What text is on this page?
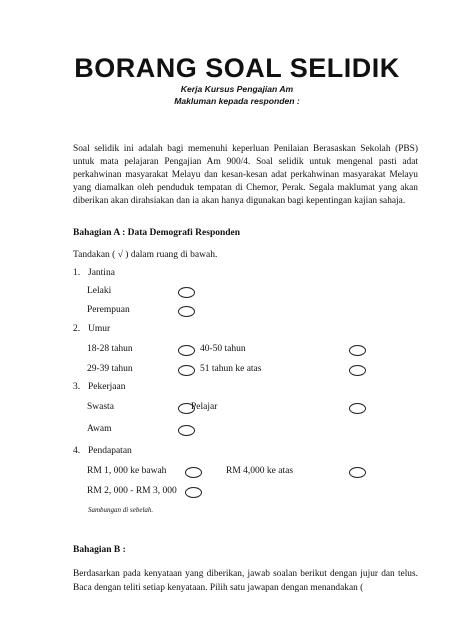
BORANG SOAL SELIDIK
Kerja Kursus Pengajian Am
Makluman kepada responden :
Soal selidik ini adalah bagi memenuhi keperluan Penilaian Berasaskan Sekolah (PBS) untuk mata pelajaran Pengajian Am 900/4. Soal selidik untuk mengenal pasti adat perkahwinan masyarakat Melayu dan kesan-kesan adat perkahwinan masyarakat Melayu yang diamalkan oleh penduduk tempatan di Chemor, Perak. Segala maklumat yang akan diberikan akan dirahsiakan dan ia akan hanya digunakan bagi kepentingan kajian sahaja.
Bahagian A : Data Demografi Responden
Tandakan ( √ ) dalam ruang di bawah.
1. Jantina
Lelaki
Perempuan
2. Umur
18-28 tahun	40-50 tahun
29-39 tahun	51 tahun ke atas
3. Pekerjaan
Swasta	Pelajar
Awam
4. Pendapatan
RM 1, 000 ke bawah	RM 4,000 ke atas
RM 2, 000 - RM 3, 000
Sambungan di sebelah.
Bahagian B :
Berdasarkan pada kenyataan yang diberikan, jawab soalan berikut dengan jujur dan telus. Baca dengan teliti setiap kenyataan. Pilih satu jawapan dengan menandakan (
